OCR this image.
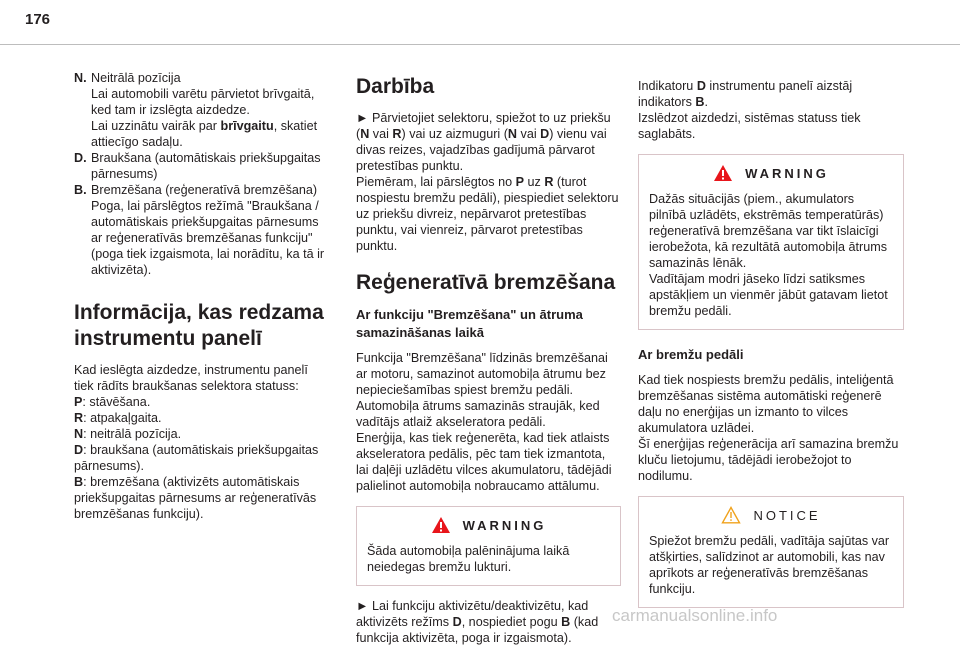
176
N. Neitrālā pozīcija
Lai automobili varētu pārvietot brīvgaitā, ked tam ir izslēgta aizdedze.
Lai uzzinātu vairāk par brīvgaitu, skatiet attiecīgo sadaļu.
D. Braukšana (automātiskais priekšupgaitas pārnesums)
B. Bremzēšana (reģeneratīvā bremzēšana)
Poga, lai pārslēgtos režīmā "Braukšana / automātiskais priekšupgaitas pārnesums ar reģeneratīvās bremzēšanas funkciju" (poga tiek izgaismota, lai norādītu, ka tā ir aktivizēta).
Informācija, kas redzama instrumentu panelī
Kad ieslēgta aizdedze, instrumentu panelī tiek rādīts braukšanas selektora statuss:
P: stāvēšana.
R: atpakaļgaita.
N: neitrālā pozīcija.
D: braukšana (automātiskais priekšupgaitas pārnesums).
B: bremzēšana (aktivizēts automātiskais priekšupgaitas pārnesums ar reģeneratīvās bremzēšanas funkciju).
Darbība
► Pārvietojiet selektoru, spiežot to uz priekšu (N vai R) vai uz aizmuguri (N vai D) vienu vai divas reizes, vajadzības gadījumā pārvarot pretestības punktu.
Piemēram, lai pārslēgtos no P uz R (turot nospiestu bremžu pedāli), piespiediet selektoru uz priekšu divreiz, nepārvarot pretestības punktu, vai vienreiz, pārvarot pretestības punktu.
Reģeneratīvā bremzēšana
Ar funkciju "Bremzēšana" un ātruma samazināšanas laikā
Funkcija "Bremzēšana" līdzinās bremzēšanai ar motoru, samazinot automobiļa ātrumu bez nepieciešamības spiest bremžu pedāli. Automobiļa ātrums samazinās straujāk, ked vadītājs atlaiž akseleratora pedāli.
Enerģija, kas tiek reģenerēta, kad tiek atlaists akseleratora pedālis, pēc tam tiek izmantota, lai daļēji uzlādētu vilces akumulatoru, tādējādi palielinot automobiļa nobraucamo attālumu.
WARNING
Šāda automobiļa palēninājuma laikā neiedegas bremžu lukturi.
► Lai funkciju aktivizētu/deaktivizētu, kad aktivizēts režīms D, nospiediet pogu B (kad funkcija aktivizēta, poga ir izgaismota).
Indikatoru D instrumentu panelī aizstāj indikators B.
Izslēdzot aizdedzi, sistēmas statuss tiek saglabāts.
WARNING
Dažās situācijās (piem., akumulators pilnībā uzlādēts, ekstrēmās temperatūrās) reģeneratīvā bremzēšana var tikt īslaicīgi ierobežota, kā rezultātā automobiļa ātrums samazinās lēnāk.
Vadītājam modri jāseko līdzi satiksmes apstākļiem un vienmēr jābūt gatavam lietot bremžu pedāli.
Ar bremžu pedāli
Kad tiek nospiests bremžu pedālis, inteliģentā bremzēšanas sistēma automātiski reģenerē daļu no enerģijas un izmanto to vilces akumulatora uzlādei.
Šī enerģijas reģenerācija arī samazina bremžu kluču lietojumu, tādējādi ierobežojot to nodilumu.
NOTICE
Spiežot bremžu pedāli, vadītāja sajūtas var atšķirties, salīdzinot ar automobili, kas nav aprīkots ar reģeneratīvās bremzēšanas funkciju.
carmanualsonline.info
